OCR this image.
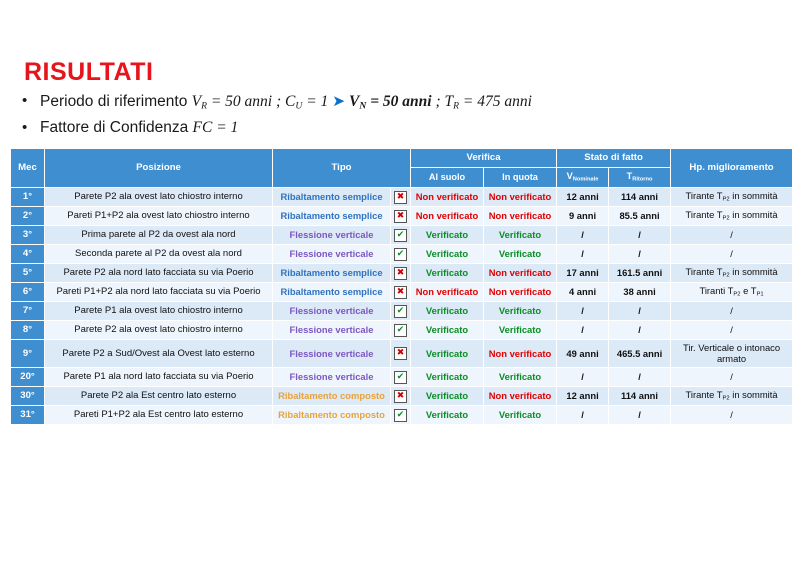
RISULTATI
• Periodo di riferimento $V_R = 50$ anni ; $C_U = 1$ ➤ $V_N = 50$ anni ; $T_R = 475$ anni
• Fattore di Confidenza FC = 1
Mec	Posizione	Tipo		Verifica		Stato di fatto		Hp. miglioramento
				Al suolo	In quota	VNominale	TRitorno	
1°	Parete P2 ala ovest lato chiostro interno	Ribaltamento semplice	✖	Non verificato	Non verificato	12 anni	114 anni	Tirante TP2 in sommità
2°	Pareti P1+P2 ala ovest lato chiostro interno	Ribaltamento semplice	✖	Non verificato	Non verificato	9 anni	85.5 anni	Tirante TP2 in sommità
3°	Prima parete al P2 da ovest ala nord	Flessione verticale	✔	Verificato	Verificato	/	/	/
4°	Seconda parete al P2 da ovest ala nord	Flessione verticale	✔	Verificato	Verificato	/	/	/
5°	Parete P2 ala nord lato facciata su via Poerio	Ribaltamento semplice	✖	Verificato	Non verificato	17 anni	161.5 anni	Tirante TP2 in sommità
6°	Pareti P1+P2 ala nord lato facciata su via Poerio	Ribaltamento semplice	✖	Non verificato	Non verificato	4 anni	38 anni	Tiranti TP2 e TP1
7°	Parete P1 ala ovest lato chiostro interno	Flessione verticale	✔	Verificato	Verificato	/	/	/
8°	Parete P2 ala ovest lato chiostro interno	Flessione verticale	✔	Verificato	Verificato	/	/	/
9°	Parete P2 a Sud/Ovest ala Ovest lato esterno	Flessione verticale	✖	Verificato	Non verificato	49 anni	465.5 anni	Tir. Verticale o intonaco armato
20°	Parete P1 ala nord lato facciata su via Poerio	Flessione verticale	✔	Verificato	Verificato	/	/	/
30°	Parete P2 ala Est centro lato esterno	Ribaltamento composto	✖	Verificato	Non verificato	12 anni	114 anni	Tirante TP2 in sommità
31°	Pareti P1+P2 ala Est centro lato esterno	Ribaltamento composto	✔	Verificato	Verificato	/	/	/
